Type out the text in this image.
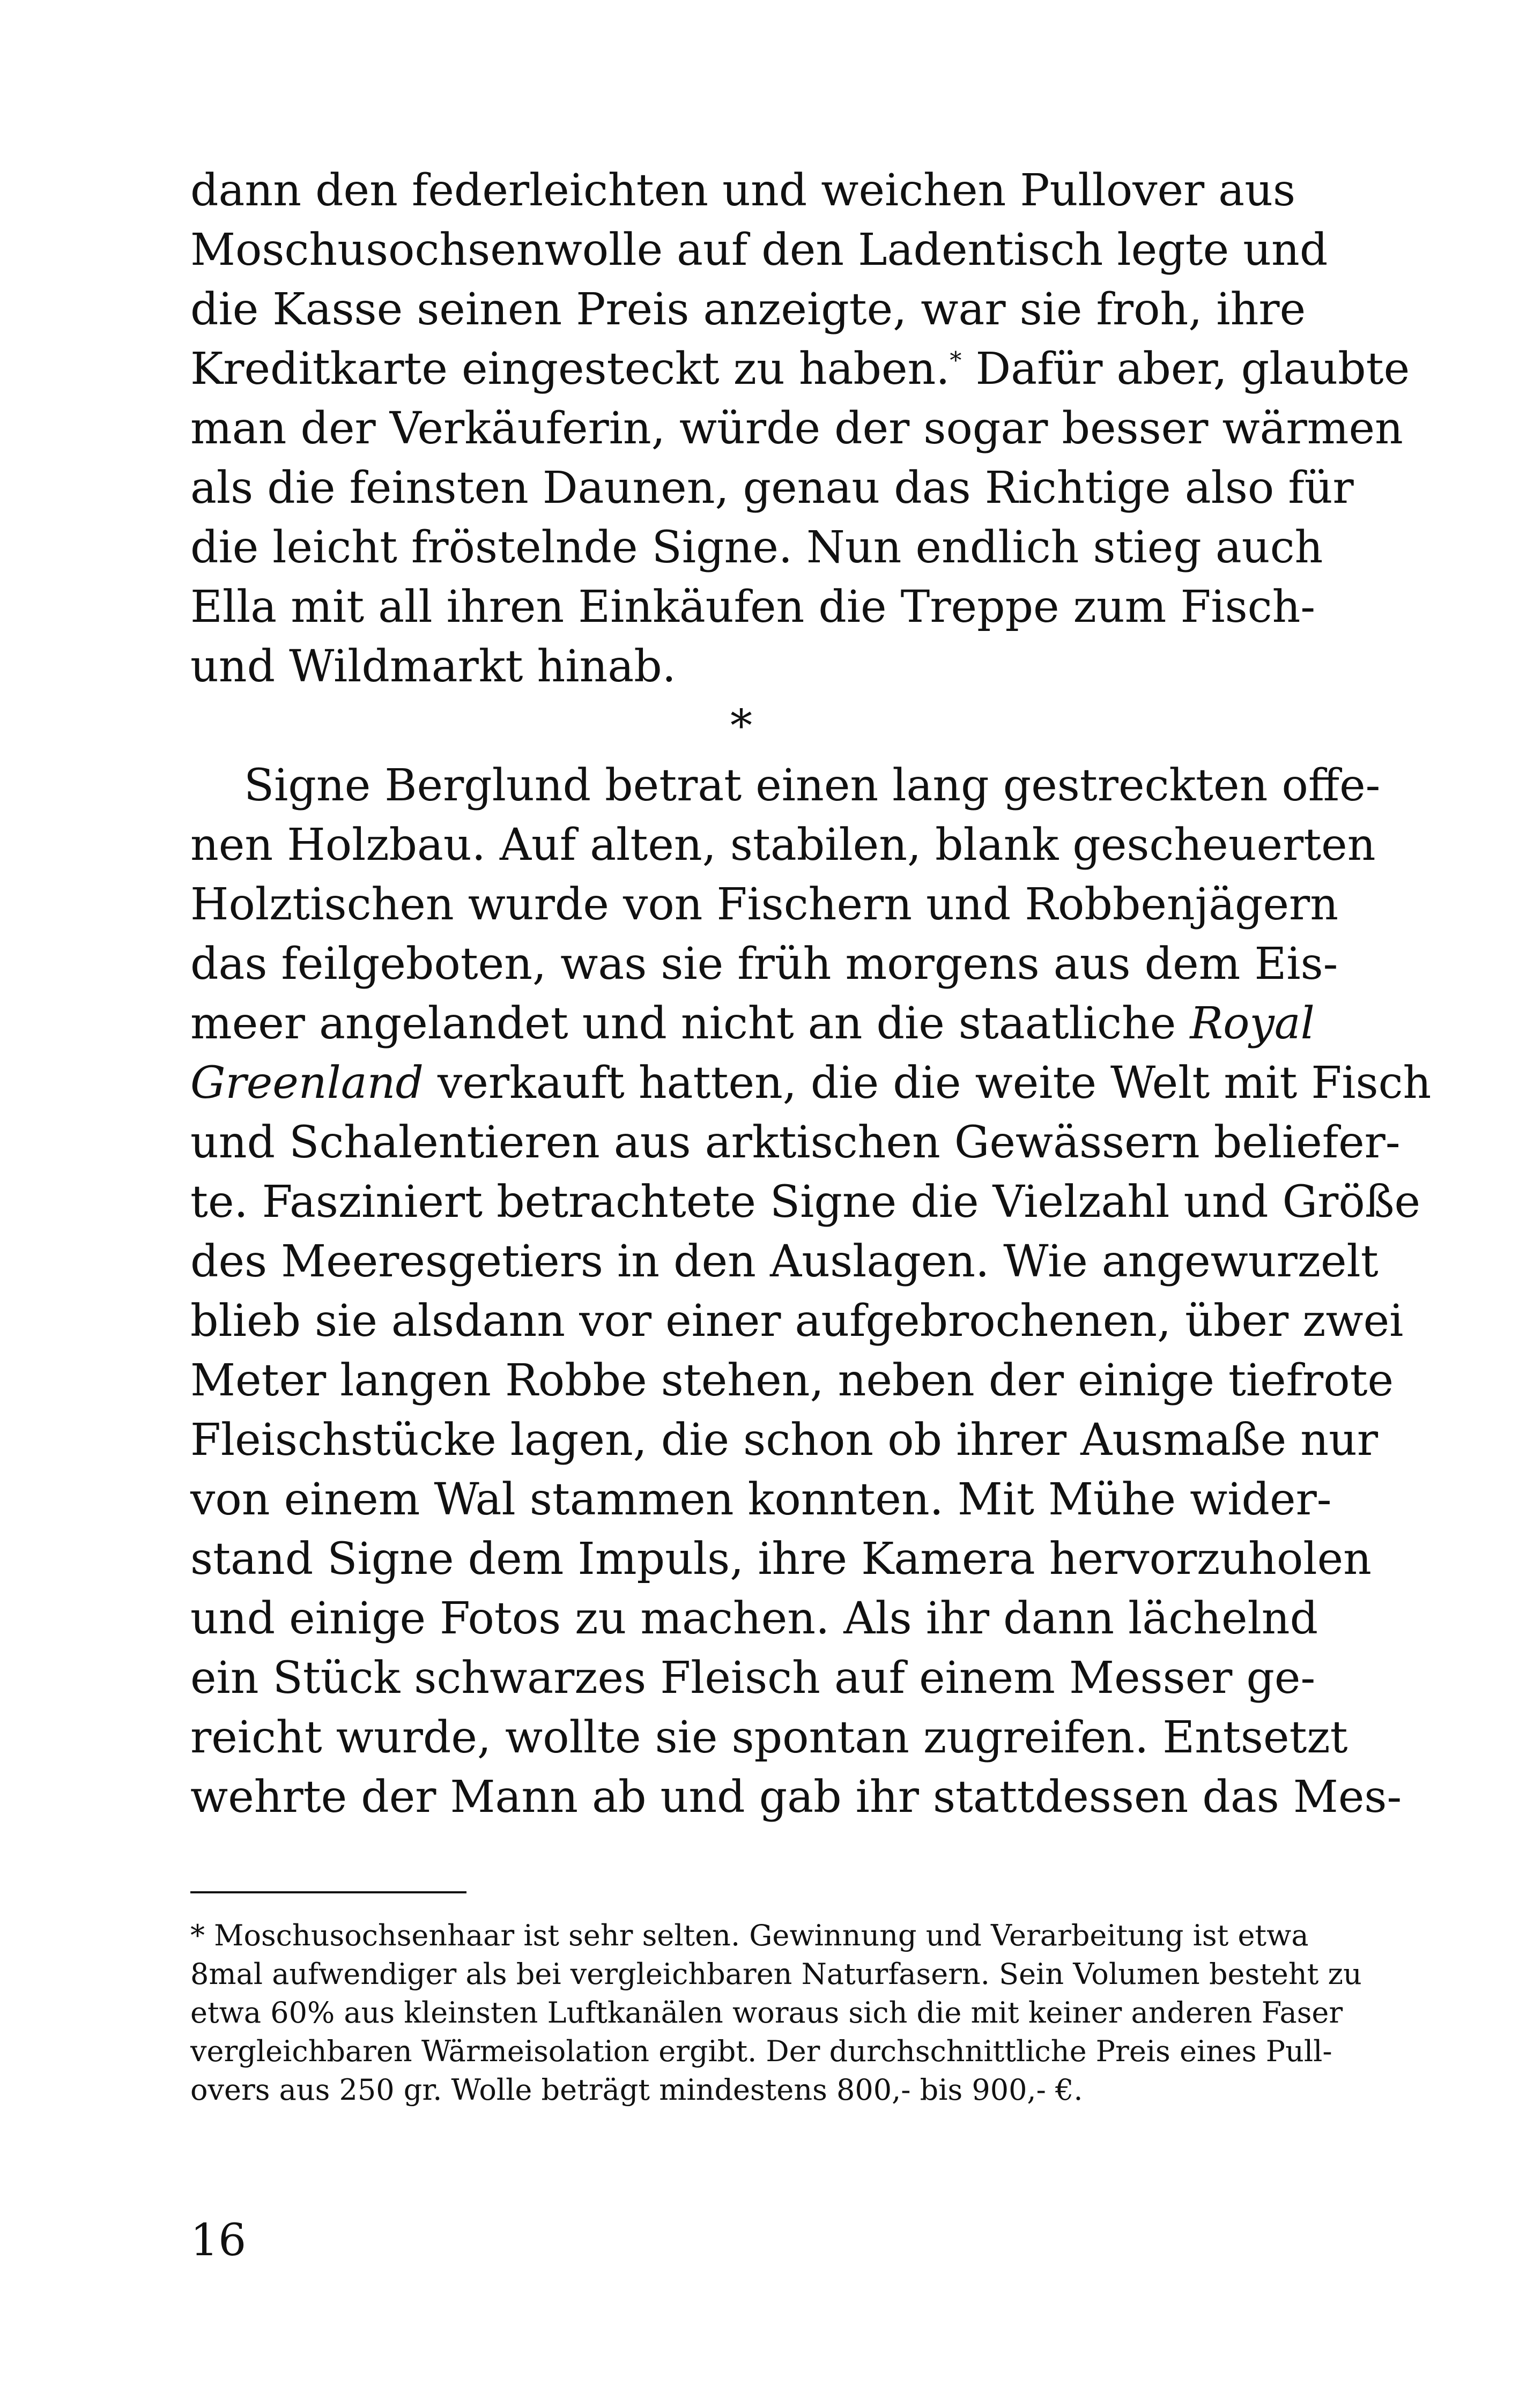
dann den federleichten und weichen Pullover aus
Moschusochsenwolle auf den Ladentisch legte und
die Kasse seinen Preis anzeigte, war sie froh, ihre
Kreditkarte eingesteckt zu haben.* Dafür aber, glaubte
man der Verkäuferin, würde der sogar besser wärmen
als die feinsten Daunen, genau das Richtige also für
die leicht fröstelnde Signe. Nun endlich stieg auch
Ella mit all ihren Einkäufen die Treppe zum Fisch-
und Wildmarkt hinab.
*
Signe Berglund betrat einen lang gestreckten offe-
nen Holzbau. Auf alten, stabilen, blank gescheuerten
Holztischen wurde von Fischern und Robbenjägern
das feilgeboten, was sie früh morgens aus dem Eis-
meer angelandet und nicht an die staatliche Royal
Greenland verkauft hatten, die die weite Welt mit Fisch
und Schalentieren aus arktischen Gewässern beliefer-
te. Fasziniert betrachtete Signe die Vielzahl und Größe
des Meeresgetiers in den Auslagen. Wie angewurzelt
blieb sie alsdann vor einer aufgebrochenen, über zwei
Meter langen Robbe stehen, neben der einige tiefrote
Fleischstücke lagen, die schon ob ihrer Ausmaße nur
von einem Wal stammen konnten. Mit Mühe wider-
stand Signe dem Impuls, ihre Kamera hervorzuholen
und einige Fotos zu machen. Als ihr dann lächelnd
ein Stück schwarzes Fleisch auf einem Messer ge-
reicht wurde, wollte sie spontan zugreifen. Entsetzt
wehrte der Mann ab und gab ihr stattdessen das Mes-
* Moschusochsenhaar ist sehr selten. Gewinnung und Verarbeitung ist etwa
8mal aufwendiger als bei vergleichbaren Naturfasern. Sein Volumen besteht zu
etwa 60% aus kleinsten Luftkanälen woraus sich die mit keiner anderen Faser
vergleichbaren Wärmeisolation ergibt. Der durchschnittliche Preis eines Pull-
overs aus 250 gr. Wolle beträgt mindestens 800,- bis 900,- €.
16
